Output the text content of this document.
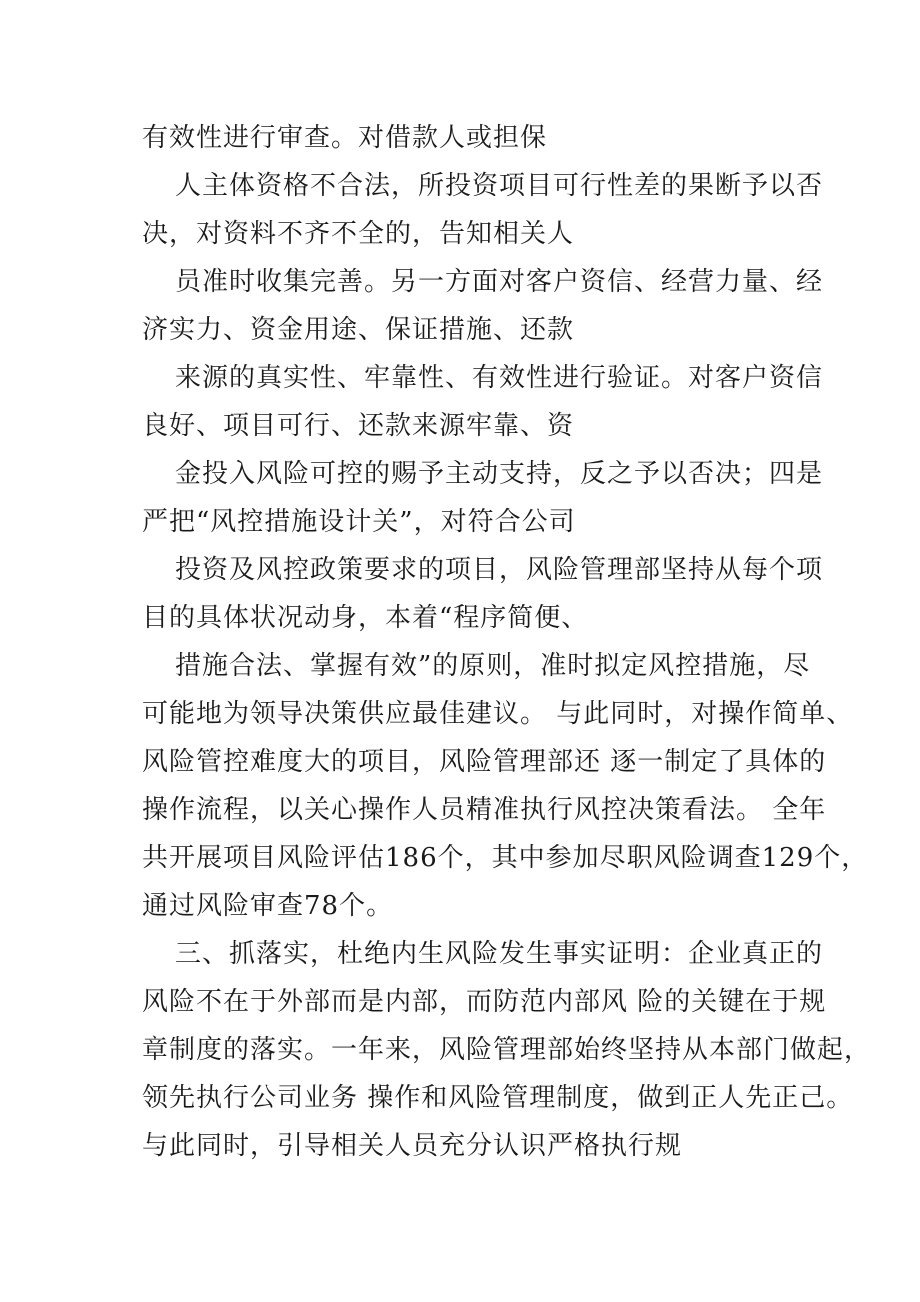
有效性进行审查。对借款人或担保
人主体资格不合法，所投资项目可行性差的果断予以否
决，对资料不齐不全的，告知相关人
员准时收集完善。另一方面对客户资信、经营力量、经
济实力、资金用途、保证措施、还款
来源的真实性、牢靠性、有效性进行验证。对客户资信
良好、项目可行、还款来源牢靠、资
金投入风险可控的赐予主动支持，反之予以否决；四是
严把“风控措施设计关”，对符合公司
投资及风控政策要求的项目，风险管理部坚持从每个项
目的具体状况动身，本着“程序简便、
措施合法、掌握有效”的原则，准时拟定风控措施，尽
可能地为领导决策供应最佳建议。 与此同时，对操作简单、
风险管控难度大的项目，风险管理部还 逐一制定了具体的
操作流程，以关心操作人员精准执行风控决策看法。 全年
共开展项目风险评估186个，其中参加尽职风险调查129个，
通过风险审查78个。
三、抓落实，杜绝内生风险发生事实证明：企业真正的
风险不在于外部而是内部，而防范内部风 险的关键在于规
章制度的落实。一年来，风险管理部始终坚持从本部门做起，
领先执行公司业务 操作和风险管理制度，做到正人先正己。
与此同时，引导相关人员充分认识严格执行规
